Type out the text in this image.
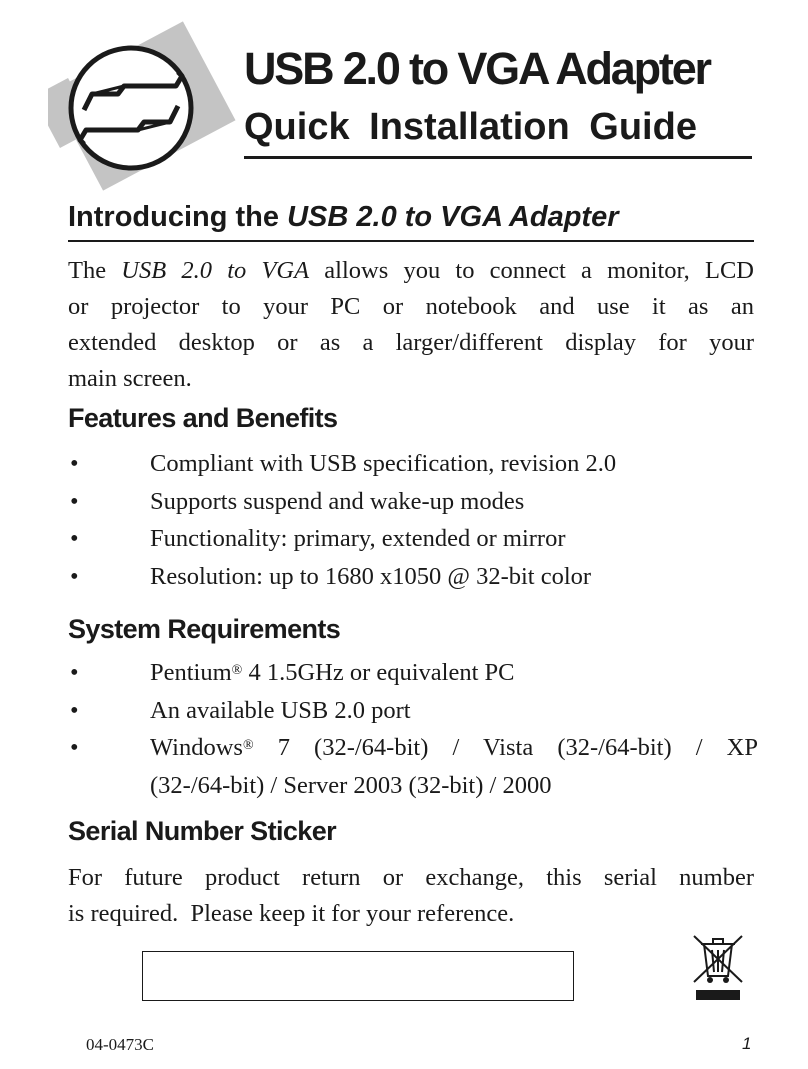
USB 2.0 to VGA Adapter
Quick Installation Guide
Introducing the USB 2.0 to VGA Adapter
The USB 2.0 to VGA allows you to connect a monitor, LCD
or projector to your PC or notebook and use it as an
extended desktop or as a larger/different display for your
main screen.
Features and Benefits
•	Compliant with USB specification, revision 2.0
•	Supports suspend and wake-up modes
•	Functionality: primary, extended or mirror
•	Resolution: up to 1680 x1050 @ 32-bit color
System Requirements
•	Pentium® 4 1.5GHz or equivalent PC
•	An available USB 2.0 port
•	Windows® 7 (32-/64-bit) / Vista (32-/64-bit) / XP
(32-/64-bit) / Server 2003 (32-bit) / 2000
Serial Number Sticker
For future product return or exchange, this serial number
is required.  Please keep it for your reference.
04-0473C	1
